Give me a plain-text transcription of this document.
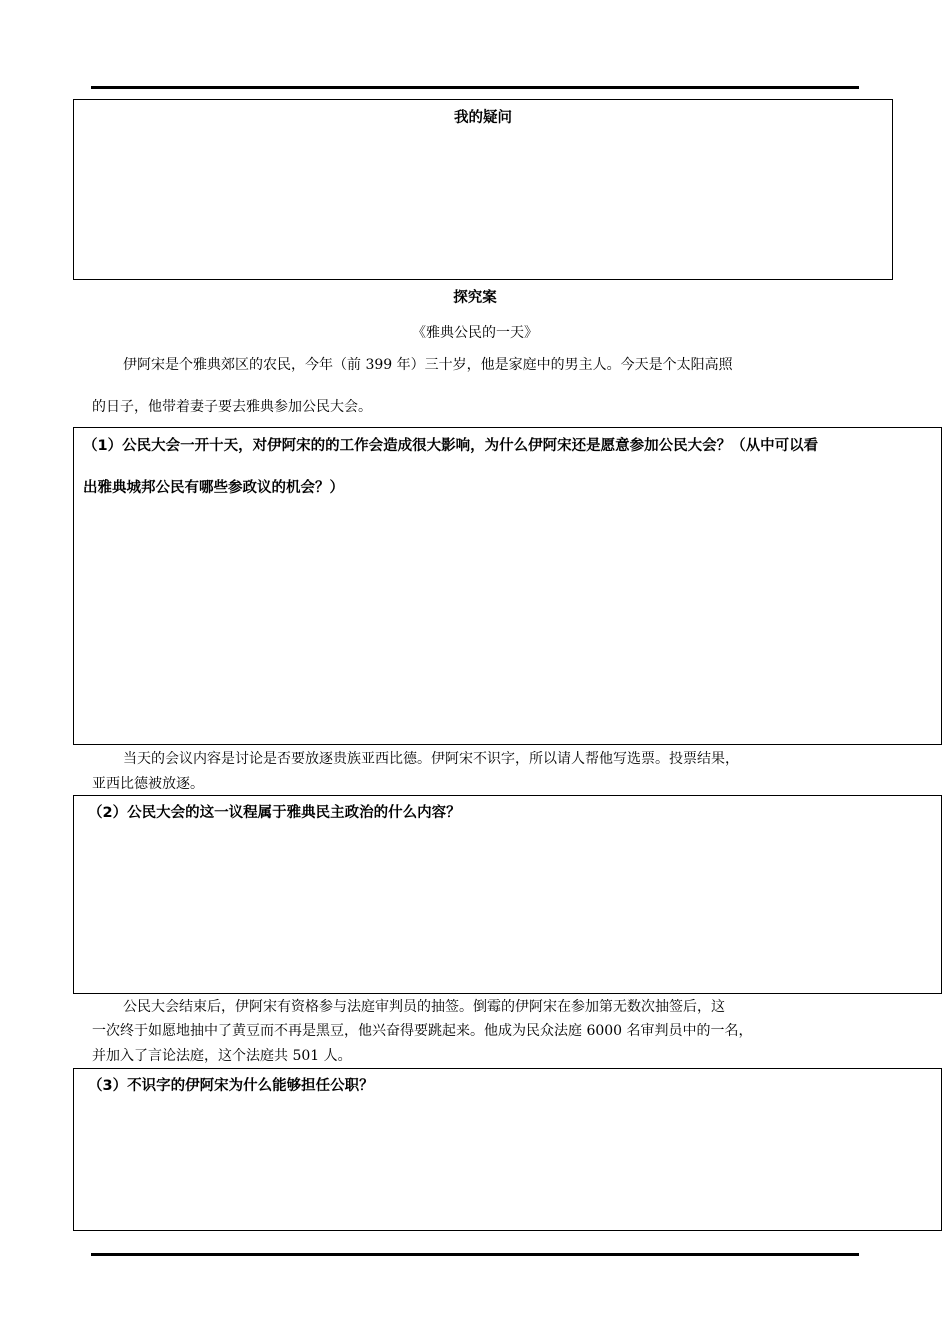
我的疑问
探究案
《雅典公民的一天》
伊阿宋是个雅典郊区的农民，今年（前 399 年）三十岁，他是家庭中的男主人。今天是个太阳高照
的日子，他带着妻子要去雅典参加公民大会。
（1）公民大会一开十天，对伊阿宋的的工作会造成很大影响，为什么伊阿宋还是愿意参加公民大会？（从中可以看
出雅典城邦公民有哪些参政议的机会？）
当天的会议内容是讨论是否要放逐贵族亚西比德。伊阿宋不识字，所以请人帮他写选票。投票结果，
亚西比德被放逐。
（2）公民大会的这一议程属于雅典民主政治的什么内容？
公民大会结束后，伊阿宋有资格参与法庭审判员的抽签。倒霉的伊阿宋在参加第无数次抽签后，这
一次终于如愿地抽中了黄豆而不再是黑豆，他兴奋得要跳起来。他成为民众法庭 6000 名审判员中的一名，
并加入了言论法庭，这个法庭共 501 人。
（3）不识字的伊阿宋为什么能够担任公职？
